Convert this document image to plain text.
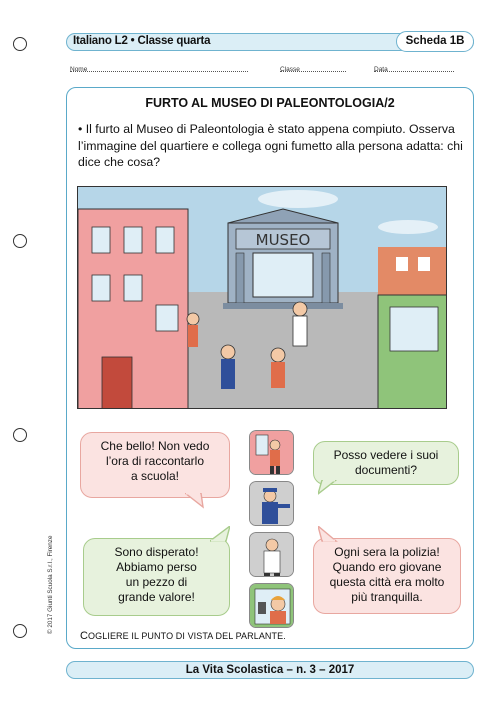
Italiano L2 • Classe quarta	Scheda 1B
Nome	Classe	Data
FURTO AL MUSEO DI PALEONTOLOGIA/2
• Il furto al Museo di Paleontologia è stato appena compiuto. Osserva l’immagine del quartiere e collega ogni fumetto alla persona adatta: chi dice che cosa?
MUSEO
Che bello! Non vedo
l’ora di raccontarlo
a scuola!
Posso vedere i suoi
documenti?
Sono disperato!
Abbiamo perso
un pezzo di
grande valore!
Ogni sera la polizia!
Quando ero giovane
questa città era molto
più tranquilla.
COGLIERE IL PUNTO DI VISTA DEL PARLANTE.
© 2017 Giunti Scuola S.r.l., Firenze
La Vita Scolastica – n. 3 – 2017
